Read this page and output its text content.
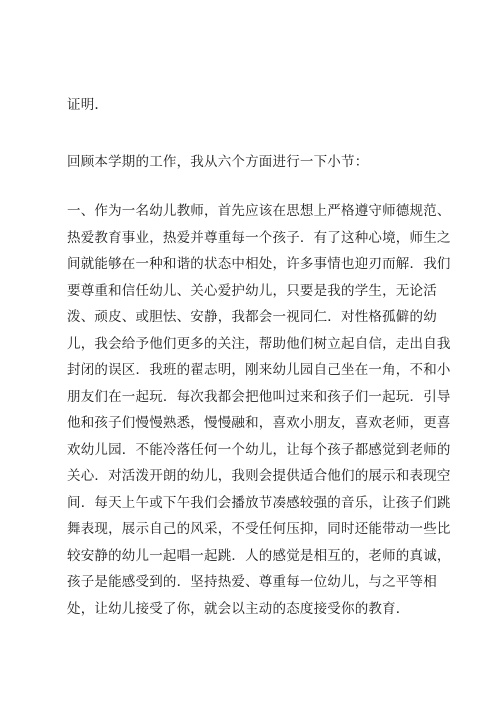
证明.

回顾本学期的工作，我从六个方面进行一下小节：

一、作为一名幼儿教师，首先应该在思想上严格遵守师德规范、
热爱教育事业，热爱并尊重每一个孩子．有了这种心境，师生之
间就能够在一种和谐的状态中相处，许多事情也迎刃而解．我们
要尊重和信任幼儿、关心爱护幼儿，只要是我的学生，无论活
泼、顽皮、或胆怯、安静，我都会一视同仁．对性格孤僻的幼
儿，我会给予他们更多的关注，帮助他们树立起自信，走出自我
封闭的误区．我班的翟志明，刚来幼儿园自己坐在一角，不和小
朋友们在一起玩．每次我都会把他叫过来和孩子们一起玩．引导
他和孩子们慢慢熟悉，慢慢融和，喜欢小朋友，喜欢老师，更喜
欢幼儿园．不能冷落任何一个幼儿，让每个孩子都感觉到老师的
关心．对活泼开朗的幼儿，我则会提供适合他们的展示和表现空
间．每天上午或下午我们会播放节凑感较强的音乐，让孩子们跳
舞表现，展示自己的风采，不受任何压抑，同时还能带动一些比
较安静的幼儿一起唱一起跳．人的感觉是相互的，老师的真诚，
孩子是能感受到的．坚持热爱、尊重每一位幼儿，与之平等相
处，让幼儿接受了你，就会以主动的态度接受你的教育．
